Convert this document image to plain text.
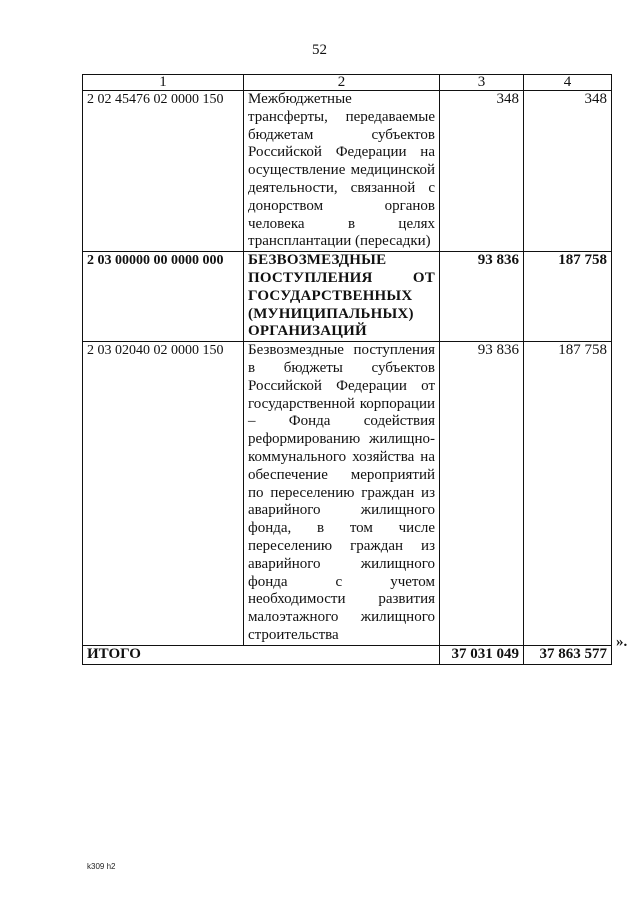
52
1	2	3	4
2 02 45476 02 0000 150	Межбюджетные трансферты, передаваемые бюджетам субъектов Российской Федерации на осуществление медицинской деятельности, связанной с донорством органов человека в целях трансплантации (пересадки)	348	348
2 03 00000 00 0000 000	БЕЗВОЗМЕЗДНЫЕ ПОСТУПЛЕНИЯ ОТ ГОСУДАРСТВЕННЫХ (МУНИЦИПАЛЬНЫХ) ОРГАНИЗАЦИЙ	93 836	187 758
2 03 02040 02 0000 150	Безвозмездные поступления в бюджеты субъектов Российской Федерации от государственной корпорации – Фонда содействия реформированию жилищно-коммунального хозяйства на обеспечение мероприятий по переселению граждан из аварийного жилищного фонда, в том числе переселению граждан из аварийного жилищного фонда с учетом необходимости развития малоэтажного жилищного строительства	93 836	187 758
ИТОГО		37 031 049	37 863 577
».
k309 h2
